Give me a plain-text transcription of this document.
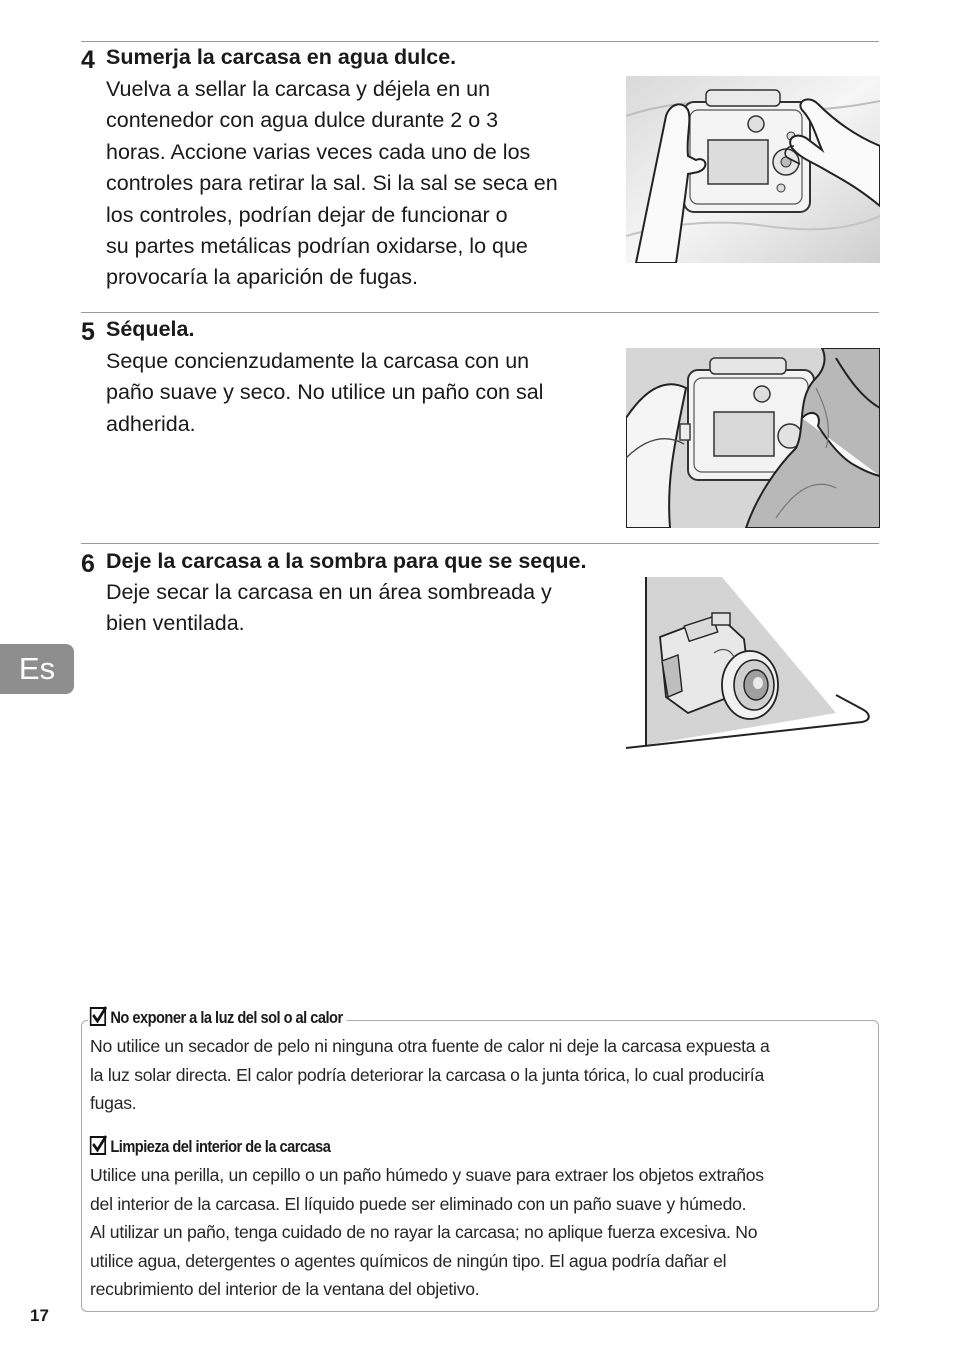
4 Sumerja la carcasa en agua dulce.
Vuelva a sellar la carcasa y déjela en un
contenedor con agua dulce durante 2 o 3
horas. Accione varias veces cada uno de los
controles para retirar la sal. Si la sal se seca en
los controles, podrían dejar de funcionar o
su partes metálicas podrían oxidarse, lo que
provocaría la aparición de fugas.
5 Séquela.
Seque concienzudamente la carcasa con un
paño suave y seco. No utilice un paño con sal
adherida.
6 Deje la carcasa a la sombra para que se seque.
Deje secar la carcasa en un área sombreada y
bien ventilada.
Es
No exponer a la luz del sol o al calor
No utilice un secador de pelo ni ninguna otra fuente de calor ni deje la carcasa expuesta a
la luz solar directa. El calor podría deteriorar la carcasa o la junta tórica, lo cual produciría
fugas.
Limpieza del interior de la carcasa
Utilice una perilla, un cepillo o un paño húmedo y suave para extraer los objetos extraños
del interior de la carcasa. El líquido puede ser eliminado con un paño suave y húmedo.
Al utilizar un paño, tenga cuidado de no rayar la carcasa; no aplique fuerza excesiva. No
utilice agua, detergentes o agentes químicos de ningún tipo. El agua podría dañar el
recubrimiento del interior de la ventana del objetivo.
17
